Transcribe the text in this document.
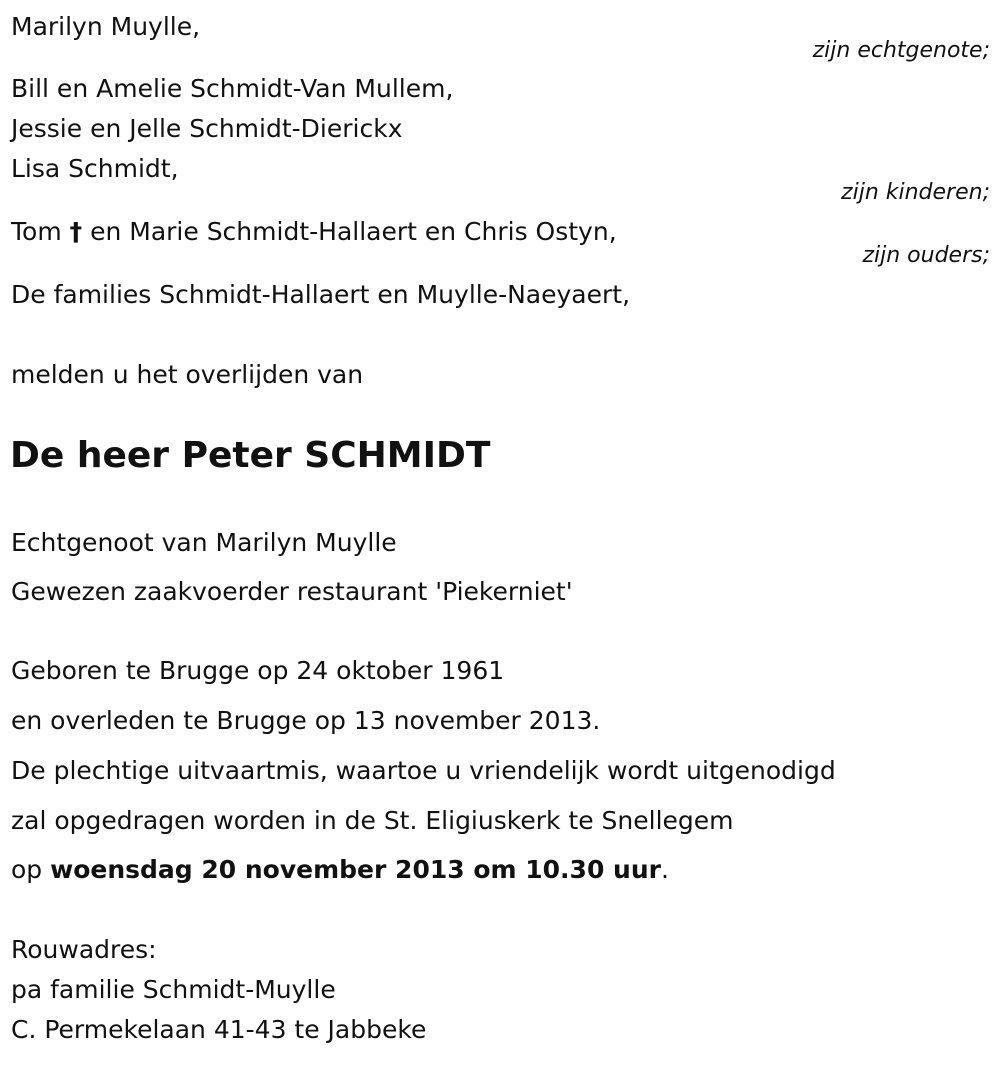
Marilyn Muylle,
zijn echtgenote;
Bill en Amelie Schmidt-Van Mullem,
Jessie en Jelle Schmidt-Dierickx
Lisa Schmidt,
zijn kinderen;
Tom † en Marie Schmidt-Hallaert en Chris Ostyn,
zijn ouders;
De families Schmidt-Hallaert en Muylle-Naeyaert,
melden u het overlijden van
De heer Peter SCHMIDT
Echtgenoot van Marilyn Muylle
Gewezen zaakvoerder restaurant 'Piekerniet'
Geboren te Brugge op 24 oktober 1961
en overleden te Brugge op 13 november 2013.
De plechtige uitvaartmis, waartoe u vriendelijk wordt uitgenodigd
zal opgedragen worden in de St. Eligiuskerk te Snellegem
op woensdag 20 november 2013 om 10.30 uur.
Rouwadres:
pa familie Schmidt-Muylle
C. Permekelaan 41-43 te Jabbeke
